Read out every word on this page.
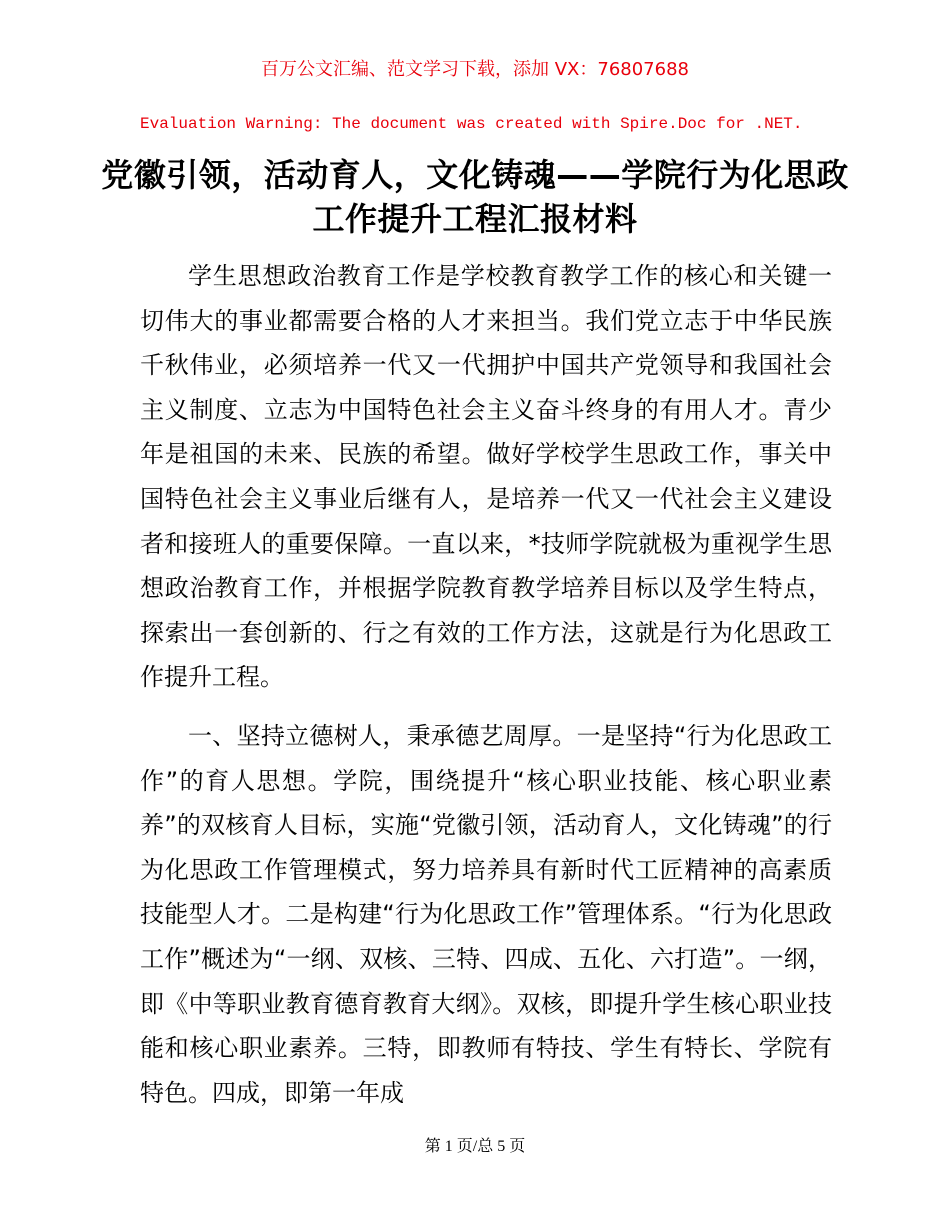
百万公文汇编、范文学习下载，添加 VX：76807688
Evaluation Warning: The document was created with Spire.Doc for .NET.
党徽引领，活动育人，文化铸魂——学院行为化思政工作提升工程汇报材料

学生思想政治教育工作是学校教育教学工作的核心和关键一切伟大的事业都需要合格的人才来担当。我们党立志于中华民族千秋伟业，必须培养一代又一代拥护中国共产党领导和我国社会主义制度、立志为中国特色社会主义奋斗终身的有用人才。青少年是祖国的未来、民族的希望。做好学校学生思政工作，事关中国特色社会主义事业后继有人，是培养一代又一代社会主义建设者和接班人的重要保障。一直以来，*技师学院就极为重视学生思想政治教育工作，并根据学院教育教学培养目标以及学生特点，探索出一套创新的、行之有效的工作方法，这就是行为化思政工作提升工程。

一、坚持立德树人，秉承德艺周厚。一是坚持“行为化思政工作”的育人思想。学院，围绕提升“核心职业技能、核心职业素养”的双核育人目标，实施“党徽引领，活动育人，文化铸魂”的行为化思政工作管理模式，努力培养具有新时代工匠精神的高素质技能型人才。二是构建“行为化思政工作”管理体系。“行为化思政工作”概述为“一纲、双核、三特、四成、五化、六打造”。一纲，即《中等职业教育德育教育大纲》。双核，即提升学生核心职业技能和核心职业素养。三特，即教师有特技、学生有特长、学院有特色。四成，即第一年成

第 1 页/总 5 页
